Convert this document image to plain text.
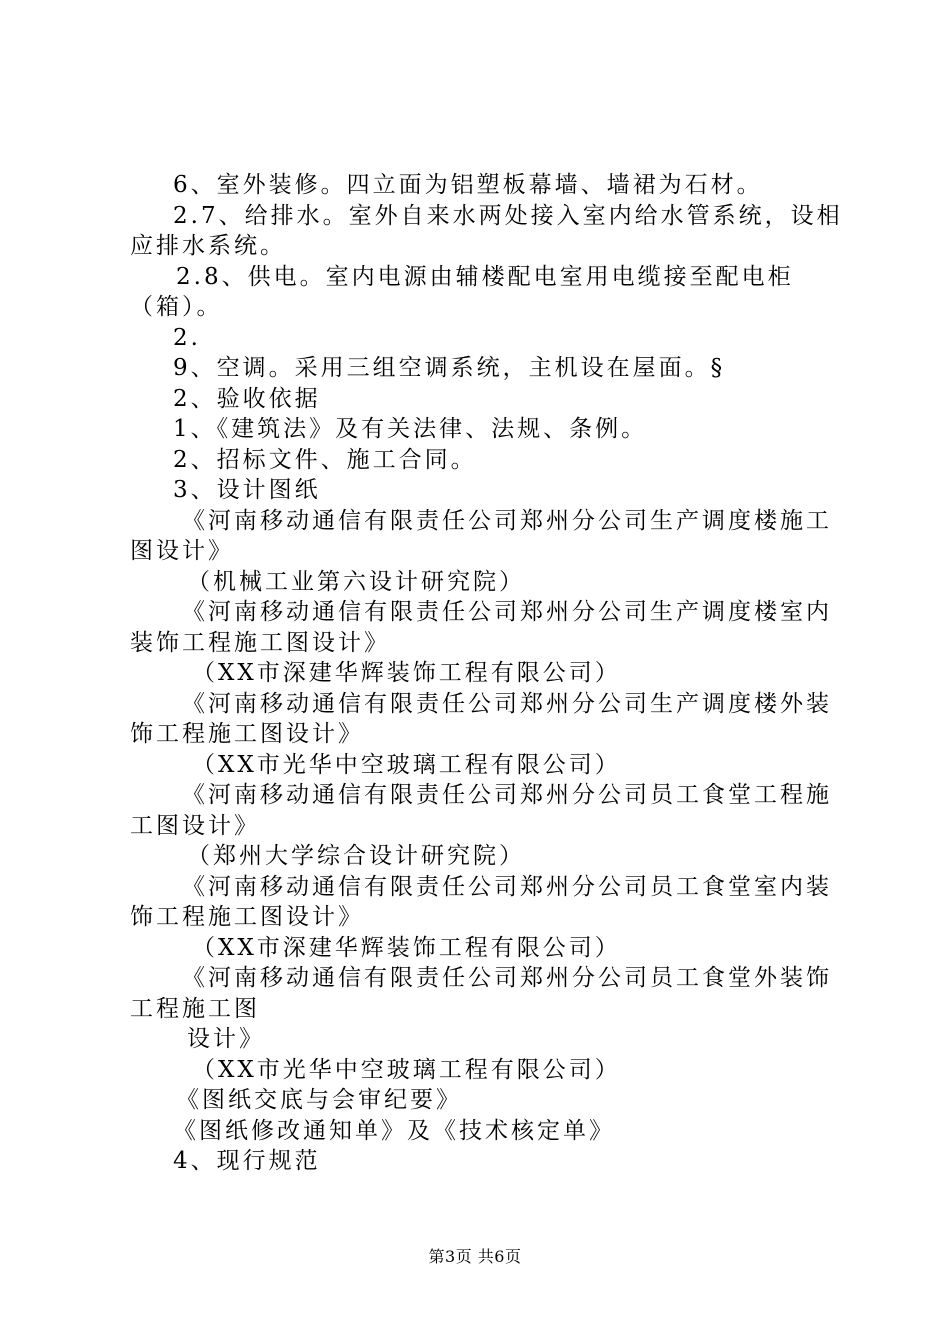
6、室外装修。四立面为铝塑板幕墙、墙裙为石材。
2.7、给排水。室外自来水两处接入室内给水管系统，设相
应排水系统。
2.8、供电。室内电源由辅楼配电室用电缆接至配电柜
（箱）。
2.
9、空调。采用三组空调系统，主机设在屋面。§
2、验收依据
1、《建筑法》及有关法律、法规、条例。
2、招标文件、施工合同。
3、设计图纸
《河南移动通信有限责任公司郑州分公司生产调度楼施工
图设计》
（机械工业第六设计研究院）
《河南移动通信有限责任公司郑州分公司生产调度楼室内
装饰工程施工图设计》
（XX市深建华辉装饰工程有限公司）
《河南移动通信有限责任公司郑州分公司生产调度楼外装
饰工程施工图设计》
（XX市光华中空玻璃工程有限公司）
《河南移动通信有限责任公司郑州分公司员工食堂工程施
工图设计》
（郑州大学综合设计研究院）
《河南移动通信有限责任公司郑州分公司员工食堂室内装
饰工程施工图设计》
（XX市深建华辉装饰工程有限公司）
《河南移动通信有限责任公司郑州分公司员工食堂外装饰
工程施工图
设计》
（XX市光华中空玻璃工程有限公司）
《图纸交底与会审纪要》
《图纸修改通知单》及《技术核定单》
4、现行规范
第3页 共6页
